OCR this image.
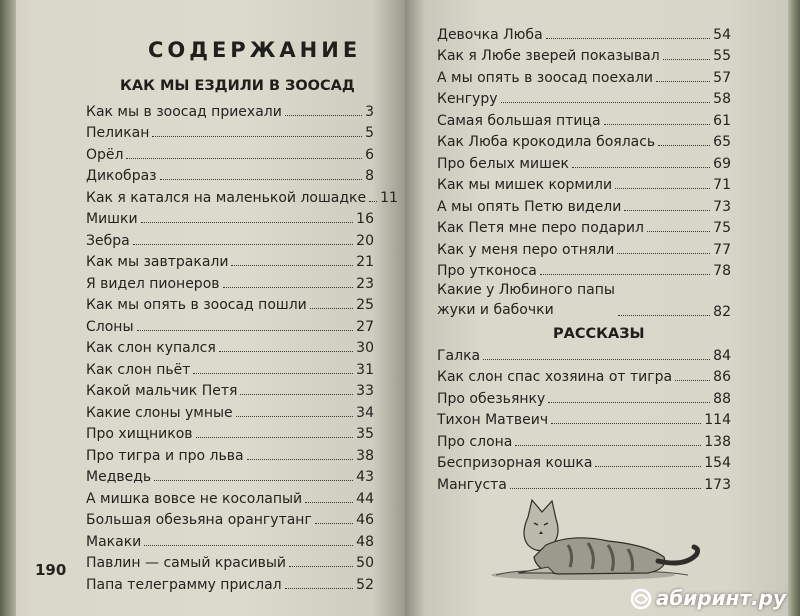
СОДЕРЖАНИЕ
КАК МЫ ЕЗДИЛИ В ЗООСАД
Как мы в зоосад приехали	3
Пеликан	5
Орёл	6
Дикобраз	8
Как я катался на маленькой лошадке 11
Мишки	16
Зебра	20
Как мы завтракали	21
Я видел пионеров	23
Как мы опять в зоосад пошли	25
Слоны	27
Как слон купался	30
Как слон пьёт	31
Какой мальчик Петя	33
Какие слоны умные	34
Про хищников	35
Про тигра и про льва	38
Медведь	43
А мишка вовсе не косолапый	44
Большая обезьяна орангутанг	46
Макаки	48
Павлин — самый красивый	50
Папа телеграмму прислал	52
190
Девочка Люба	54
Как я Любе зверей показывал	55
А мы опять в зоосад поехали	57
Кенгуру	58
Самая большая птица	61
Как Люба крокодила боялась	65
Про белых мишек	69
Как мы мишек кормили	71
А мы опять Петю видели	73
Как Петя мне перо подарил	75
Как у меня перо отняли	77
Про утконоса	78
Какие у Любиного папы
жуки и бабочки	82
РАССКАЗЫ
Галка	84
Как слон спас хозяина от тигра	86
Про обезьянку	88
Тихон Матвеич	114
Про слона	138
Беспризорная кошка	154
Мангуста	173
абиринт.ру
